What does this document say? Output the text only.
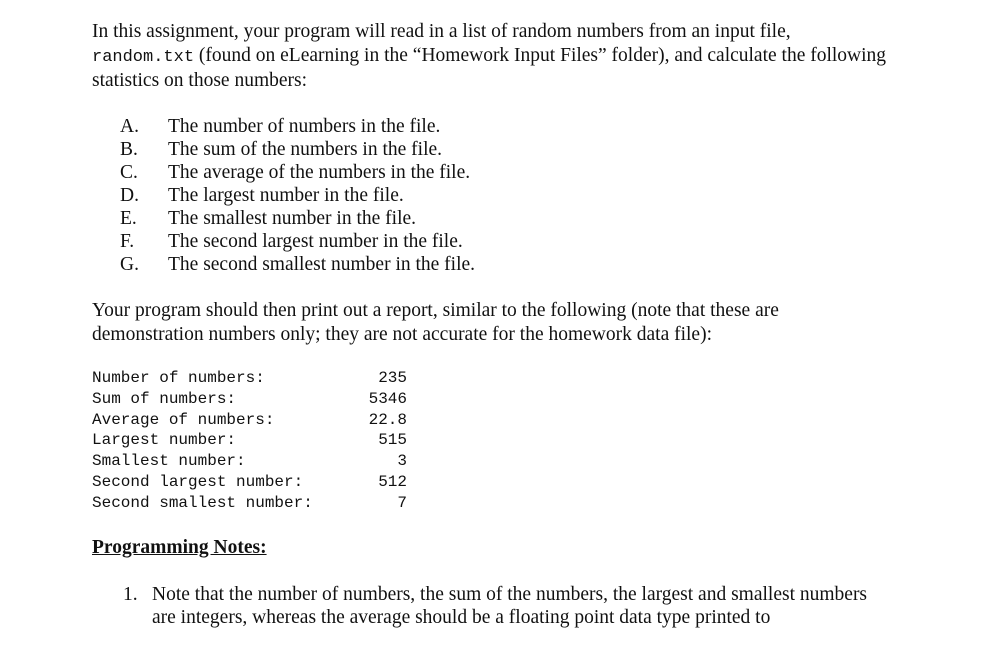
In this assignment, your program will read in a list of random numbers from an input file, random.txt (found on eLearning in the “Homework Input Files” folder), and calculate the following statistics on those numbers:
A.	The number of numbers in the file.
B.	The sum of the numbers in the file.
C.	The average of the numbers in the file.
D.	The largest number in the file.
E.	The smallest number in the file.
F.	The second largest number in the file.
G.	The second smallest number in the file.
Your program should then print out a report, similar to the following (note that these are demonstration numbers only; they are not accurate for the homework data file):
Number of numbers:	235
Sum of numbers:	5346
Average of numbers:	22.8
Largest number:	515
Smallest number:	3
Second largest number:	512
Second smallest number:	7
Programming Notes:
1. Note that the number of numbers, the sum of the numbers, the largest and smallest numbers are integers, whereas the average should be a floating point data type printed to
